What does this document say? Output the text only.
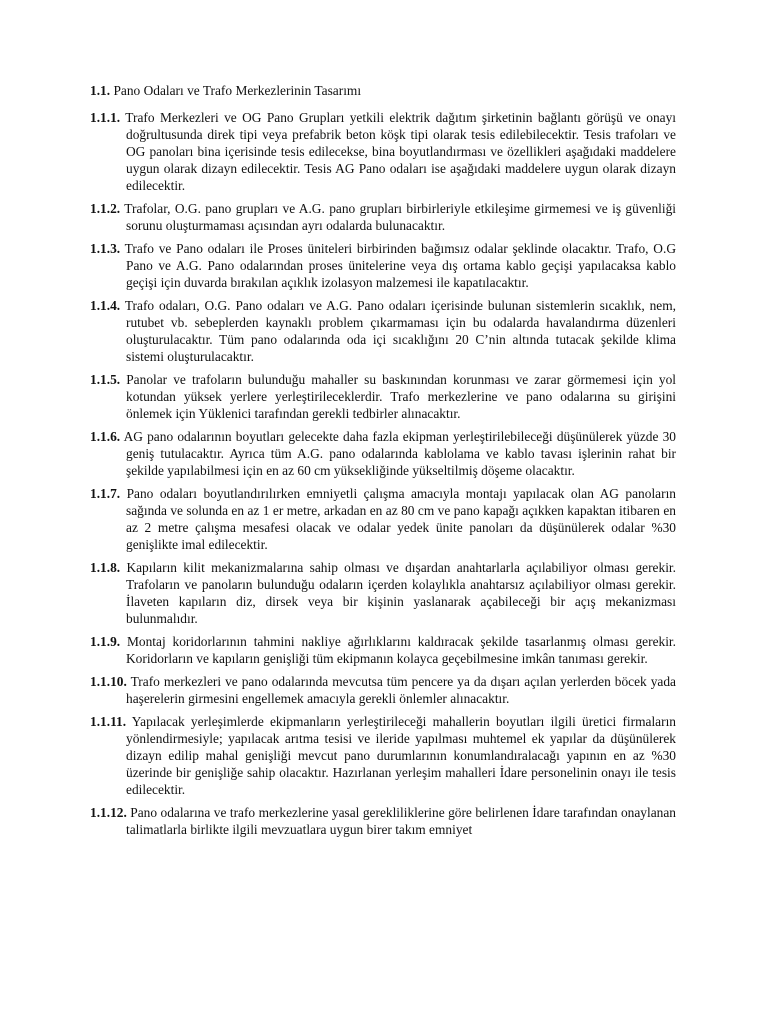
1.1. Pano Odaları ve Trafo Merkezlerinin Tasarımı

1.1.1. Trafo Merkezleri ve OG Pano Grupları yetkili elektrik dağıtım şirketinin bağlantı görüşü ve onayı doğrultusunda direk tipi veya prefabrik beton köşk tipi olarak tesis edilebilecektir. Tesis trafoları ve OG panoları bina içerisinde tesis edilecekse, bina boyutlandırması ve özellikleri aşağıdaki maddelere uygun olarak dizayn edilecektir. Tesis AG Pano odaları ise aşağıdaki maddelere uygun olarak dizayn edilecektir.

1.1.2. Trafolar, O.G. pano grupları ve A.G. pano grupları birbirleriyle etkileşime girmemesi ve iş güvenliği sorunu oluşturmaması açısından ayrı odalarda bulunacaktır.

1.1.3. Trafo ve Pano odaları ile Proses üniteleri birbirinden bağımsız odalar şeklinde olacaktır. Trafo, O.G Pano ve A.G. Pano odalarından proses ünitelerine veya dış ortama kablo geçişi yapılacaksa kablo geçişi için duvarda bırakılan açıklık izolasyon malzemesi ile kapatılacaktır.

1.1.4. Trafo odaları, O.G. Pano odaları ve A.G. Pano odaları içerisinde bulunan sistemlerin sıcaklık, nem, rutubet vb. sebeplerden kaynaklı problem çıkarmaması için bu odalarda havalandırma düzenleri oluşturulacaktır. Tüm pano odalarında oda içi sıcaklığını 20 C’nin altında tutacak şekilde klima sistemi oluşturulacaktır.

1.1.5. Panolar ve trafoların bulunduğu mahaller su baskınından korunması ve zarar görmemesi için yol kotundan yüksek yerlere yerleştirileceklerdir. Trafo merkezlerine ve pano odalarına su girişini önlemek için Yüklenici tarafından gerekli tedbirler alınacaktır.

1.1.6. AG pano odalarının boyutları gelecekte daha fazla ekipman yerleştirilebileceği düşünülerek yüzde 30 geniş tutulacaktır. Ayrıca tüm A.G. pano odalarında kablolama ve kablo tavası işlerinin rahat bir şekilde yapılabilmesi için en az 60 cm yüksekliğinde yükseltilmiş döşeme olacaktır.

1.1.7. Pano odaları boyutlandırılırken emniyetli çalışma amacıyla montajı yapılacak olan AG panoların sağında ve solunda en az 1 er metre, arkadan en az 80 cm ve pano kapağı açıkken kapaktan itibaren en az 2 metre çalışma mesafesi olacak ve odalar yedek ünite panoları da düşünülerek odalar %30 genişlikte imal edilecektir.

1.1.8. Kapıların kilit mekanizmalarına sahip olması ve dışardan anahtarlarla açılabiliyor olması gerekir. Trafoların ve panoların bulunduğu odaların içerden kolaylıkla anahtarsız açılabiliyor olması gerekir. İlaveten kapıların diz, dirsek veya bir kişinin yaslanarak açabileceği bir açış mekanizması bulunmalıdır.

1.1.9. Montaj koridorlarının tahmini nakliye ağırlıklarını kaldıracak şekilde tasarlanmış olması gerekir. Koridorların ve kapıların genişliği tüm ekipmanın kolayca geçebilmesine imkân tanıması gerekir.

1.1.10. Trafo merkezleri ve pano odalarında mevcutsa tüm pencere ya da dışarı açılan yerlerden böcek yada haşerelerin girmesini engellemek amacıyla gerekli önlemler alınacaktır.

1.1.11. Yapılacak yerleşimlerde ekipmanların yerleştirileceği mahallerin boyutları ilgili üretici firmaların yönlendirmesiyle; yapılacak arıtma tesisi ve ileride yapılması muhtemel ek yapılar da düşünülerek dizayn edilip mahal genişliği mevcut pano durumlarının konumlandıralacağı yapının en az %30 üzerinde bir genişliğe sahip olacaktır. Hazırlanan yerleşim mahalleri İdare personelinin onayı ile tesis edilecektir.

1.1.12. Pano odalarına ve trafo merkezlerine yasal gerekliliklerine göre belirlenen İdare tarafından onaylanan talimatlarla birlikte ilgili mevzuatlara uygun birer takım emniyet
